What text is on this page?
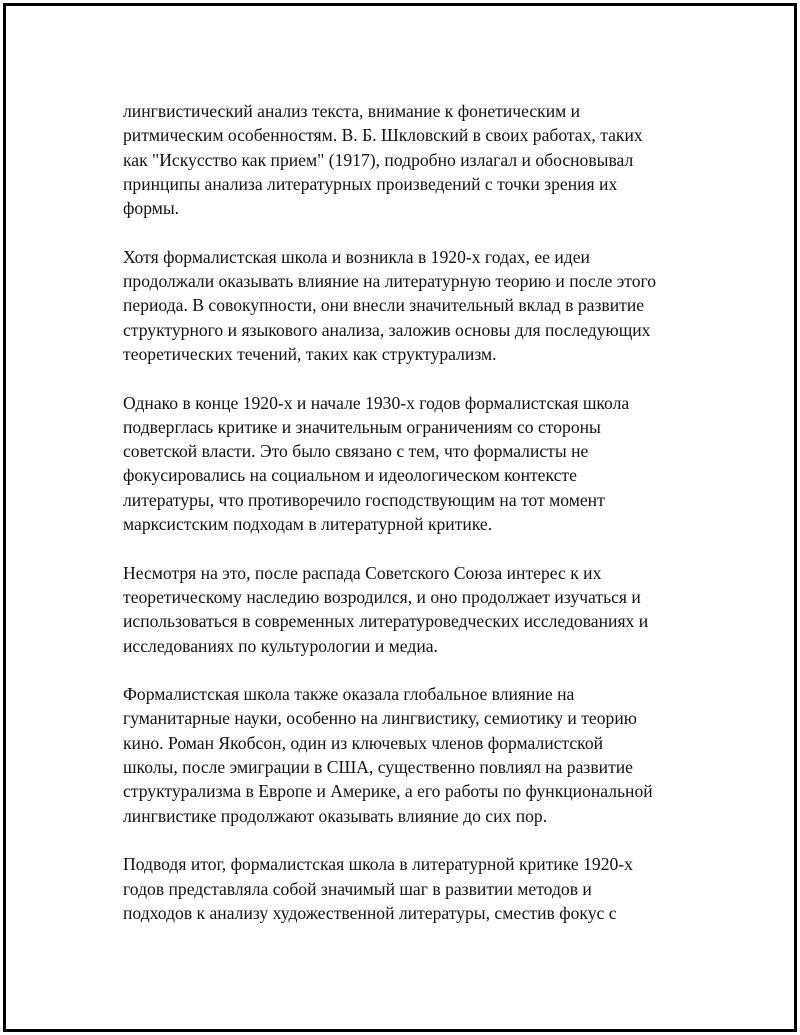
лингвистический анализ текста, внимание к фонетическим и
ритмическим особенностям. В. Б. Шкловский в своих работах, таких
как "Искусство как прием" (1917), подробно излагал и обосновывал
принципы анализа литературных произведений с точки зрения их
формы.

Хотя формалистская школа и возникла в 1920-х годах, ее идеи
продолжали оказывать влияние на литературную теорию и после этого
периода. В совокупности, они внесли значительный вклад в развитие
структурного и языкового анализа, заложив основы для последующих
теоретических течений, таких как структурализм.

Однако в конце 1920-х и начале 1930-х годов формалистская школа
подверглась критике и значительным ограничениям со стороны
советской власти. Это было связано с тем, что формалисты не
фокусировались на социальном и идеологическом контексте
литературы, что противоречило господствующим на тот момент
марксистским подходам в литературной критике.

Несмотря на это, после распада Советского Союза интерес к их
теоретическому наследию возродился, и оно продолжает изучаться и
использоваться в современных литературоведческих исследованиях и
исследованиях по культурологии и медиа.

Формалистская школа также оказала глобальное влияние на
гуманитарные науки, особенно на лингвистику, семиотику и теорию
кино. Роман Якобсон, один из ключевых членов формалистской
школы, после эмиграции в США, существенно повлиял на развитие
структурализма в Европе и Америке, а его работы по функциональной
лингвистике продолжают оказывать влияние до сих пор.

Подводя итог, формалистская школа в литературной критике 1920-х
годов представляла собой значимый шаг в развитии методов и
подходов к анализу художественной литературы, сместив фокус с
